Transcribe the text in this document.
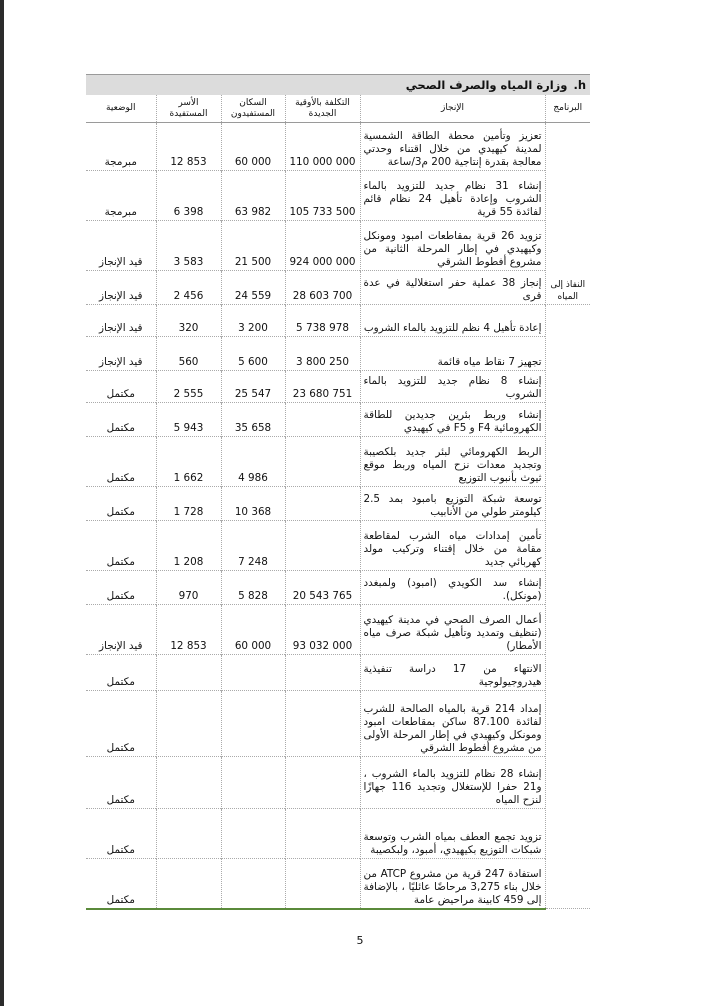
h.
وزارة المياه والصرف الصحي
البرنامج	الإنجاز	التكلفة بالأوقية الجديدة	السكان المستفيدون	الأسر المستفيدة	الوضعية
النفاذ إلى المياه	تعزيز وتأمين محطة الطاقة الشمسية لمدينة كيهيدي من خلال اقتناء وحدتي معالجة بقدرة إنتاجية 200 م3/ساعة	110 000 000	60 000	12 853	مبرمجة
	إنشاء 31 نظام جديد للتزويد بالماء الشروب وإعادة تأهيل 24 نظام قائم لفائدة 55 قرية	105 733 500	63 982	6 398	مبرمجة
	تزويد 26 قرية بمقاطعات امبود ومونكل وكيهيدي في إطار المرحلة الثانية من مشروع أفطوط الشرقي	924 000 000	21 500	3 583	قيد الإنجاز
	إنجاز 38 عملية حفر استغلالية في عدة قرى	28 603 700	24 559	2 456	قيد الإنجاز
	إعادة تأهيل 4 نظم للتزويد بالماء الشروب	5 738 978	3 200	320	قيد الإنجاز
	تجهيز 7 نقاط مياه قائمة	3 800 250	5 600	560	قيد الإنجاز
	إنشاء 8 نظام جديد للتزويد بالماء الشروب	23 680 751	25 547	2 555	مكتمل
	إنشاء وربط بئرين جديدين للطاقة الكهرومائية F4 و F5 في كيهيدي		35 658	5 943	مكتمل
	الربط الكهرومائي لبئر جديد بلكصيبة وتجديد معدات نزح المياه وربط موقع ثيوث بأنبوب التوزيع		4 986	1 662	مكتمل
	توسعة شبكة التوزيع بامبود بمد 2.5 كيلومتر طولي من الأنابيب		10 368	1 728	مكتمل
	تأمين إمدادات مياه الشرب لمقاطعة مقامة من خلال إقتناء وتركيب مولد كهربائي جديد		7 248	1 208	مكتمل
	إنشاء سد الكويدي (امبود) ولمبغدد (مونكل).	20 543 765	5 828	970	مكتمل
	أعمال الصرف الصحي في مدينة كيهيدي (تنظيف وتمديد وتأهيل شبكة صرف مياه الأمطار)	93 032 000	60 000	12 853	قيد الإنجاز
	الانتهاء من 17 دراسة تنفيذية هيدروجيولوجية				مكتمل
	إمداد 214 قرية بالمياه الصالحة للشرب لفائدة 87.100 ساكن بمقاطعات امبود ومونكل وكيهيدي في إطار المرحلة الأولى من مشروع أفطوط الشرقي				مكتمل
	إنشاء 28 نظام للتزويد بالماء الشروب ، و21 حفرا للإستغلال وتجديد 116 جهازًا لنزح المياه				مكتمل
	تزويد تجمع العطف بمياه الشرب وتوسعة شبكات التوزيع بكيهيدي، أمبود، ولبكصيبة				مكتمل
	استفادة 247 قرية من مشروع ATCP من خلال بناء 3,275 مرحاضًا عائليًا ، بالإضافة إلى 459 كابينة مراحيض عامة				مكتمل
5
